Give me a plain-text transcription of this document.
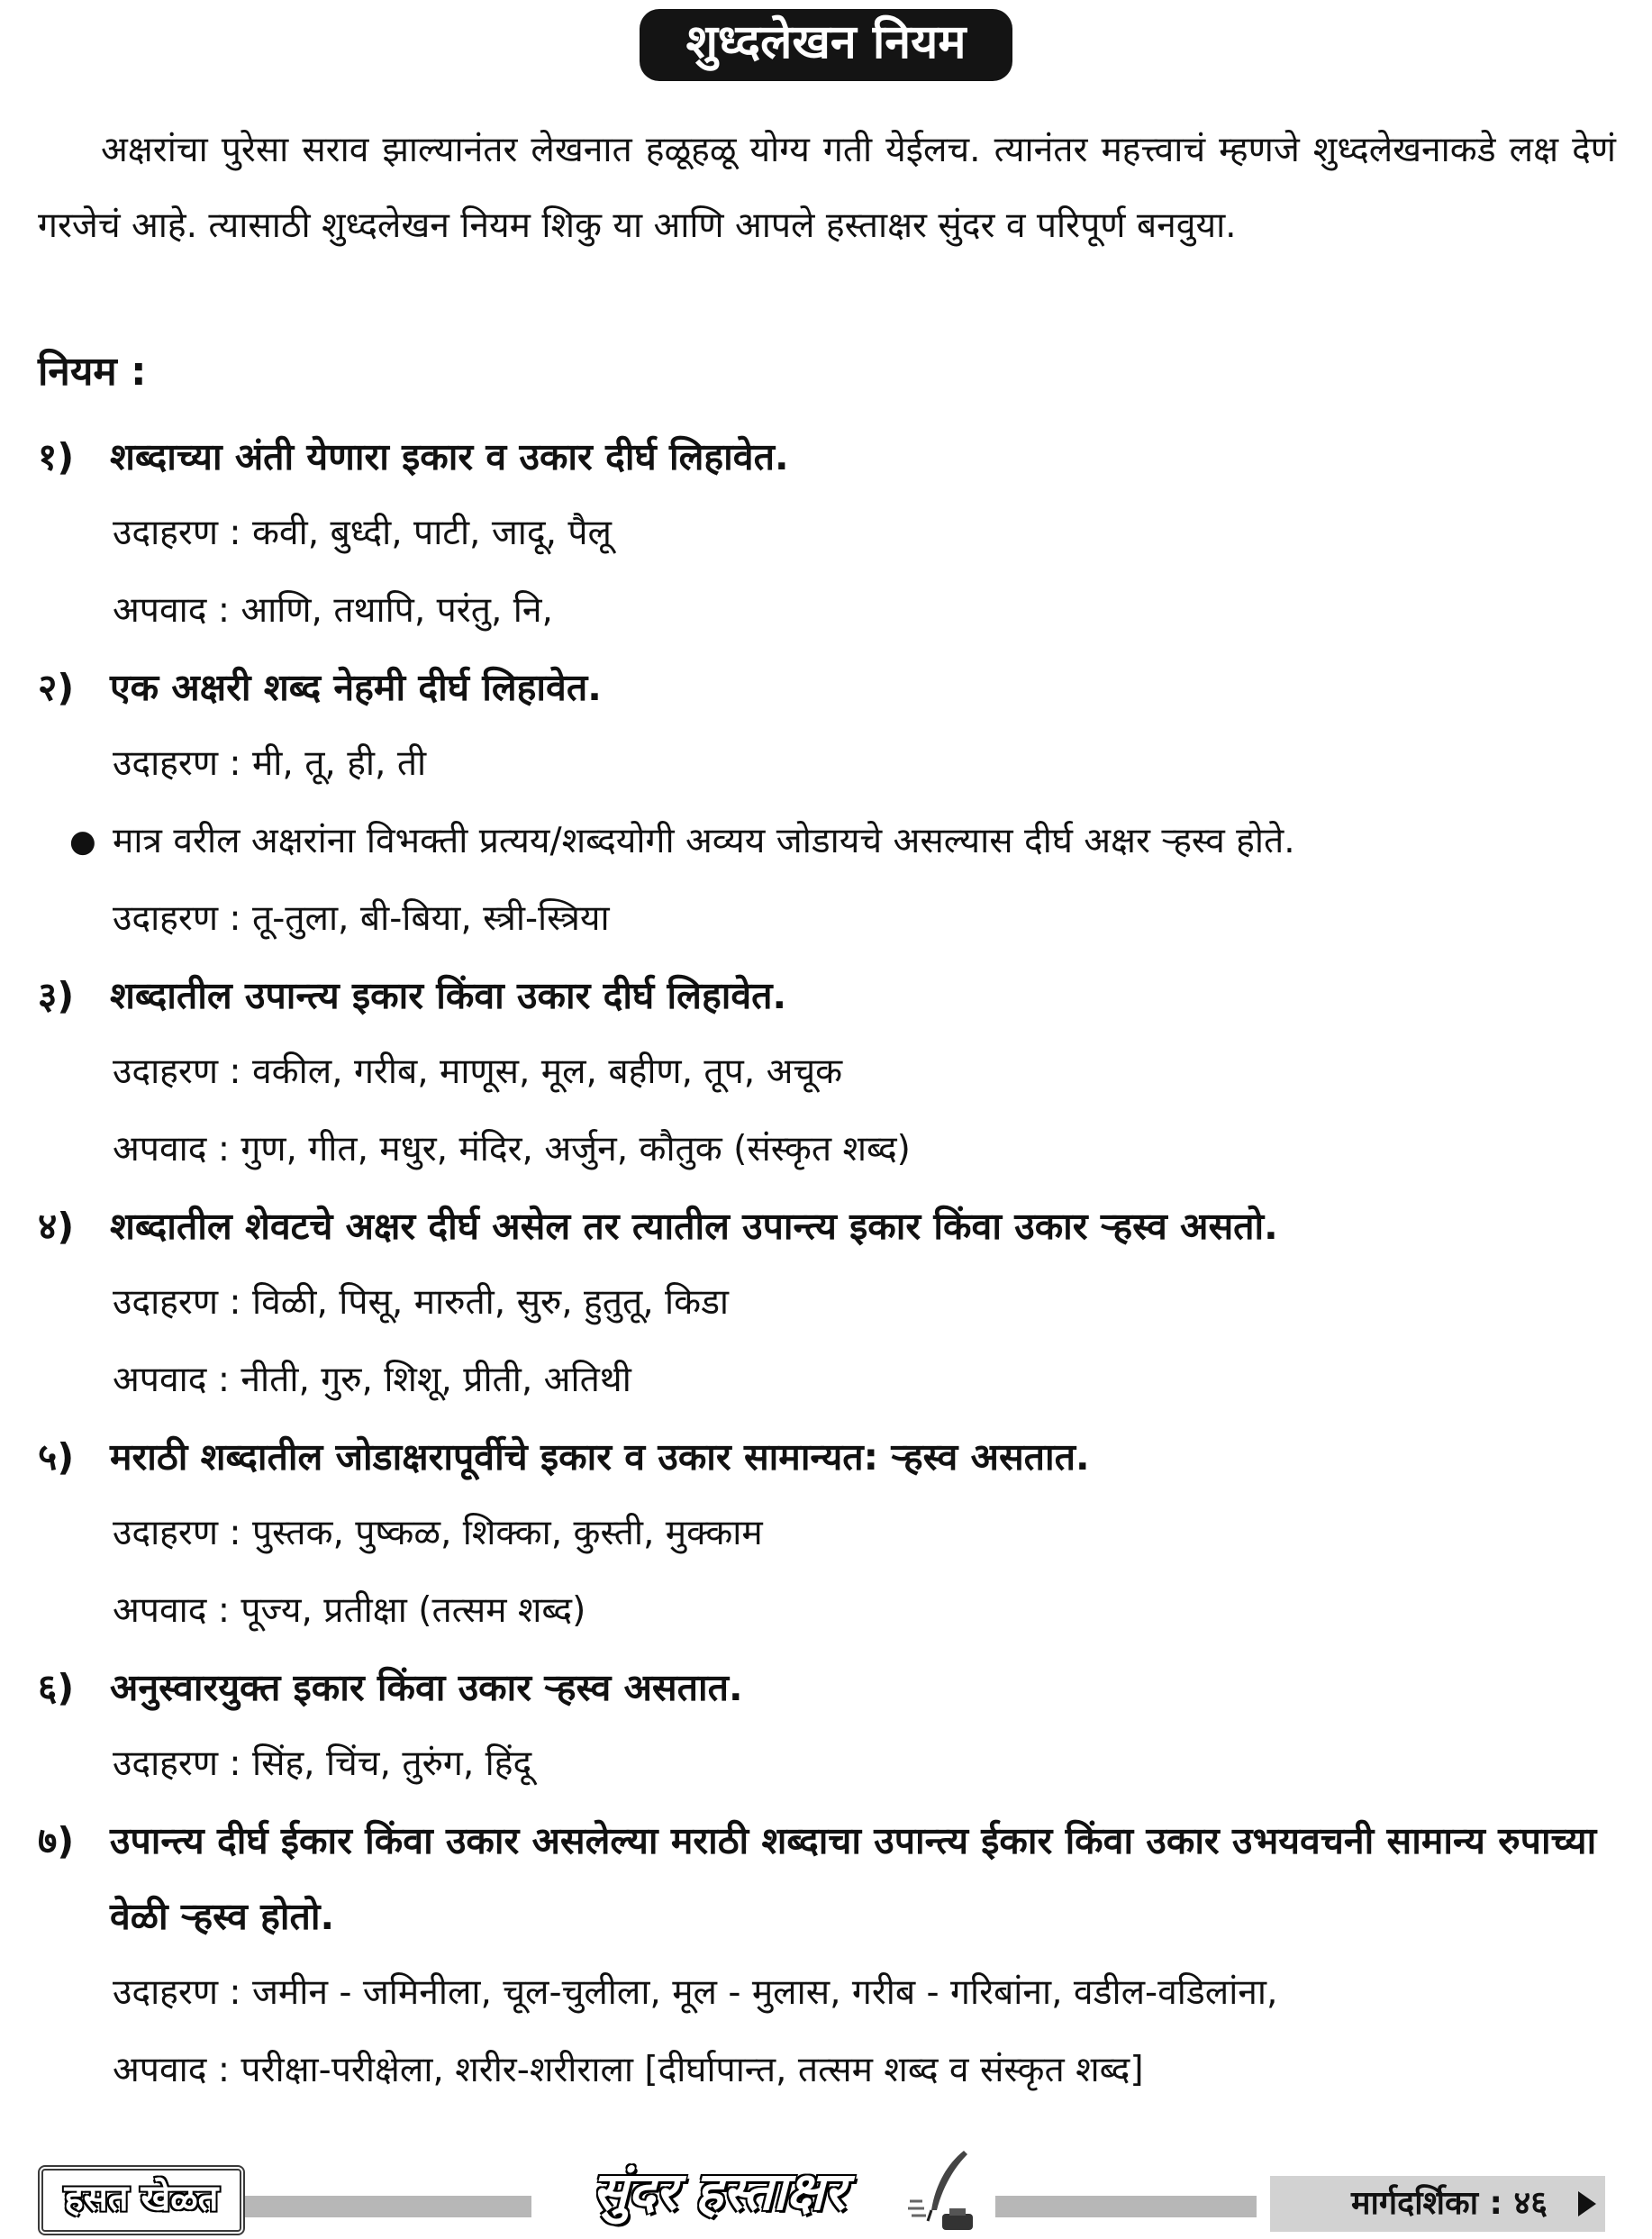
शुध्दलेखन नियम

अक्षरांचा पुरेसा सराव झाल्यानंतर लेखनात हळूहळू योग्य गती येईलच. त्यानंतर महत्त्वाचं म्हणजे शुध्दलेखनाकडे लक्ष देणं गरजेचं आहे. त्यासाठी शुध्दलेखन नियम शिकु या आणि आपले हस्ताक्षर सुंदर व परिपूर्ण बनवुया.

नियम :

१) शब्दाच्या अंती येणारा इकार व उकार दीर्घ लिहावेत.

उदाहरण : कवी, बुध्दी, पाटी, जादू, पैलू

अपवाद : आणि, तथापि, परंतु, नि,

२) एक अक्षरी शब्द नेहमी दीर्घ लिहावेत.

उदाहरण : मी, तू, ही, ती

● मात्र वरील अक्षरांना विभक्ती प्रत्यय/शब्दयोगी अव्यय जोडायचे असल्यास दीर्घ अक्षर ऱ्हस्व होते.

उदाहरण : तू-तुला, बी-बिया, स्त्री-स्त्रिया

३) शब्दातील उपान्त्य इकार किंवा उकार दीर्घ लिहावेत.

उदाहरण : वकील, गरीब, माणूस, मूल, बहीण, तूप, अचूक

अपवाद : गुण, गीत, मधुर, मंदिर, अर्जुन, कौतुक (संस्कृत शब्द)

४) शब्दातील शेवटचे अक्षर दीर्घ असेल तर त्यातील उपान्त्य इकार किंवा उकार ऱ्हस्व असतो.

उदाहरण : विळी, पिसू, मारुती, सुरु, हुतुतू, किडा

अपवाद : नीती, गुरु, शिशू, प्रीती, अतिथी

५) मराठी शब्दातील जोडाक्षरापूर्वीचे इकार व उकार सामान्यत: ऱ्हस्व असतात.

उदाहरण : पुस्तक, पुष्कळ, शिक्का, कुस्ती, मुक्काम

अपवाद : पूज्य, प्रतीक्षा (तत्सम शब्द)

६) अनुस्वारयुक्त इकार किंवा उकार ऱ्हस्व असतात.

उदाहरण : सिंह, चिंच, तुरुंग, हिंदू

७) उपान्त्य दीर्घ ईकार किंवा उकार असलेल्या मराठी शब्दाचा उपान्त्य ईकार किंवा उकार उभयवचनी सामान्य रुपाच्या वेळी ऱ्हस्व होतो.

उदाहरण : जमीन - जमिनीला, चूल-चुलीला, मूल - मुलास, गरीब - गरिबांना, वडील-वडिलांना,

अपवाद : परीक्षा-परीक्षेला, शरीर-शरीराला [दीर्घापान्त, तत्सम शब्द व संस्कृत शब्द]

हसत खेळत	सुंदर हस्ताक्षर	मार्गदर्शिका : ४६
